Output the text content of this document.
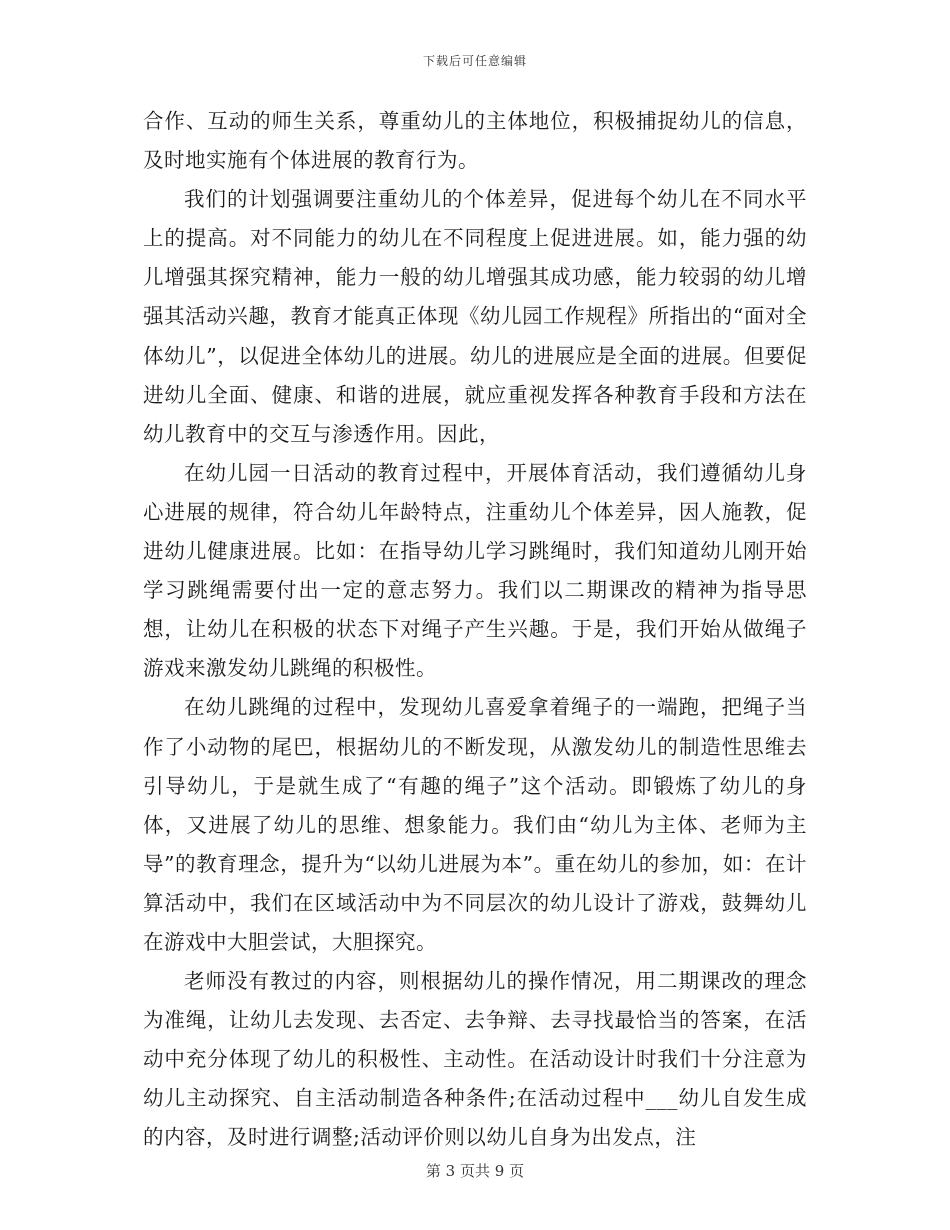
下载后可任意编辑

合作、互动的师生关系，尊重幼儿的主体地位，积极捕捉幼儿的信息，及时地实施有个体进展的教育行为。

我们的计划强调要注重幼儿的个体差异，促进每个幼儿在不同水平上的提高。对不同能力的幼儿在不同程度上促进进展。如，能力强的幼儿增强其探究精神，能力一般的幼儿增强其成功感，能力较弱的幼儿增强其活动兴趣，教育才能真正体现《幼儿园工作规程》所指出的“面对全体幼儿”，以促进全体幼儿的进展。幼儿的进展应是全面的进展。但要促进幼儿全面、健康、和谐的进展，就应重视发挥各种教育手段和方法在幼儿教育中的交互与渗透作用。因此，

在幼儿园一日活动的教育过程中，开展体育活动，我们遵循幼儿身心进展的规律，符合幼儿年龄特点，注重幼儿个体差异，因人施教，促进幼儿健康进展。比如：在指导幼儿学习跳绳时，我们知道幼儿刚开始学习跳绳需要付出一定的意志努力。我们以二期课改的精神为指导思想，让幼儿在积极的状态下对绳子产生兴趣。于是，我们开始从做绳子游戏来激发幼儿跳绳的积极性。

在幼儿跳绳的过程中，发现幼儿喜爱拿着绳子的一端跑，把绳子当作了小动物的尾巴，根据幼儿的不断发现，从激发幼儿的制造性思维去引导幼儿，于是就生成了“有趣的绳子”这个活动。即锻炼了幼儿的身体，又进展了幼儿的思维、想象能力。我们由“幼儿为主体、老师为主导”的教育理念，提升为“以幼儿进展为本”。重在幼儿的参加，如：在计算活动中，我们在区域活动中为不同层次的幼儿设计了游戏，鼓舞幼儿在游戏中大胆尝试，大胆探究。

老师没有教过的内容，则根据幼儿的操作情况，用二期课改的理念为准绳，让幼儿去发现、去否定、去争辩、去寻找最恰当的答案，在活动中充分体现了幼儿的积极性、主动性。在活动设计时我们十分注意为幼儿主动探究、自主活动制造各种条件;在活动过程中___幼儿自发生成的内容，及时进行调整;活动评价则以幼儿自身为出发点，注

第 3 页共 9 页
